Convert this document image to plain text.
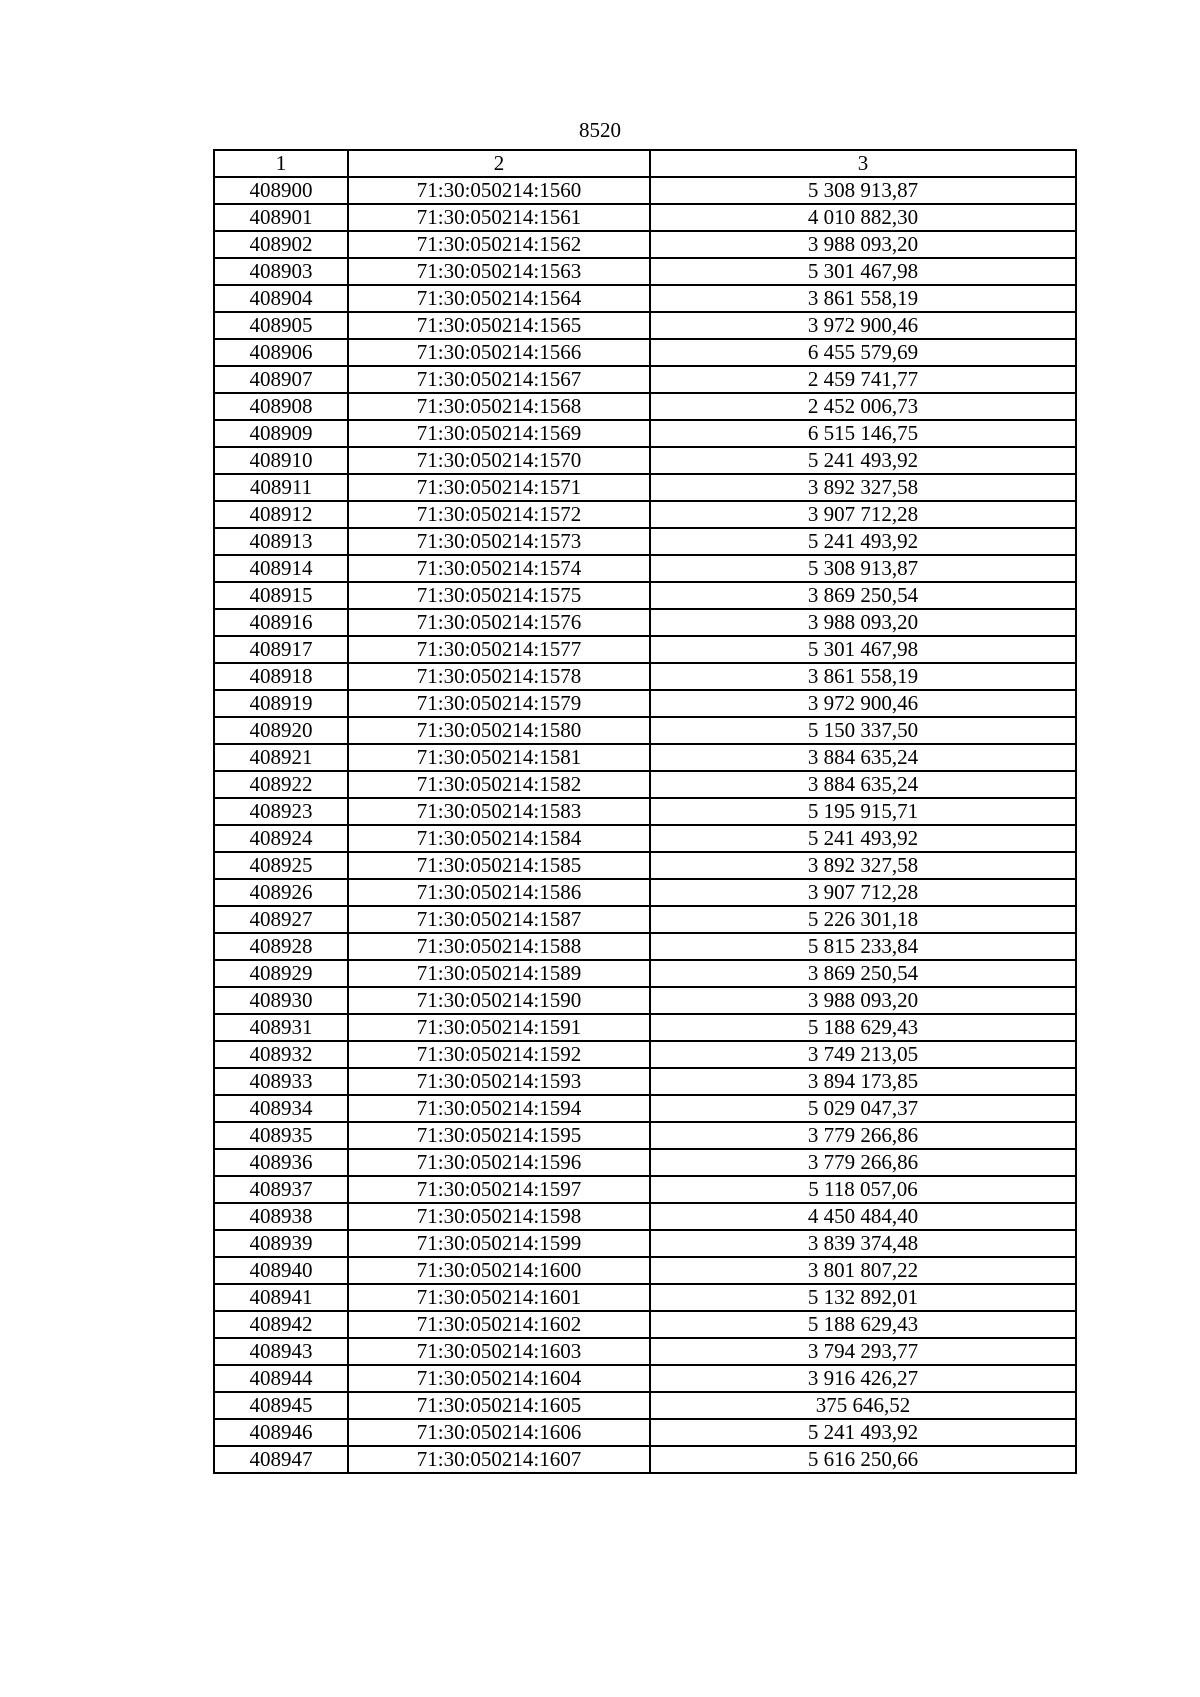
8520
1	2	3
408900	71:30:050214:1560	5 308 913,87
408901	71:30:050214:1561	4 010 882,30
408902	71:30:050214:1562	3 988 093,20
408903	71:30:050214:1563	5 301 467,98
408904	71:30:050214:1564	3 861 558,19
408905	71:30:050214:1565	3 972 900,46
408906	71:30:050214:1566	6 455 579,69
408907	71:30:050214:1567	2 459 741,77
408908	71:30:050214:1568	2 452 006,73
408909	71:30:050214:1569	6 515 146,75
408910	71:30:050214:1570	5 241 493,92
408911	71:30:050214:1571	3 892 327,58
408912	71:30:050214:1572	3 907 712,28
408913	71:30:050214:1573	5 241 493,92
408914	71:30:050214:1574	5 308 913,87
408915	71:30:050214:1575	3 869 250,54
408916	71:30:050214:1576	3 988 093,20
408917	71:30:050214:1577	5 301 467,98
408918	71:30:050214:1578	3 861 558,19
408919	71:30:050214:1579	3 972 900,46
408920	71:30:050214:1580	5 150 337,50
408921	71:30:050214:1581	3 884 635,24
408922	71:30:050214:1582	3 884 635,24
408923	71:30:050214:1583	5 195 915,71
408924	71:30:050214:1584	5 241 493,92
408925	71:30:050214:1585	3 892 327,58
408926	71:30:050214:1586	3 907 712,28
408927	71:30:050214:1587	5 226 301,18
408928	71:30:050214:1588	5 815 233,84
408929	71:30:050214:1589	3 869 250,54
408930	71:30:050214:1590	3 988 093,20
408931	71:30:050214:1591	5 188 629,43
408932	71:30:050214:1592	3 749 213,05
408933	71:30:050214:1593	3 894 173,85
408934	71:30:050214:1594	5 029 047,37
408935	71:30:050214:1595	3 779 266,86
408936	71:30:050214:1596	3 779 266,86
408937	71:30:050214:1597	5 118 057,06
408938	71:30:050214:1598	4 450 484,40
408939	71:30:050214:1599	3 839 374,48
408940	71:30:050214:1600	3 801 807,22
408941	71:30:050214:1601	5 132 892,01
408942	71:30:050214:1602	5 188 629,43
408943	71:30:050214:1603	3 794 293,77
408944	71:30:050214:1604	3 916 426,27
408945	71:30:050214:1605	375 646,52
408946	71:30:050214:1606	5 241 493,92
408947	71:30:050214:1607	5 616 250,66
